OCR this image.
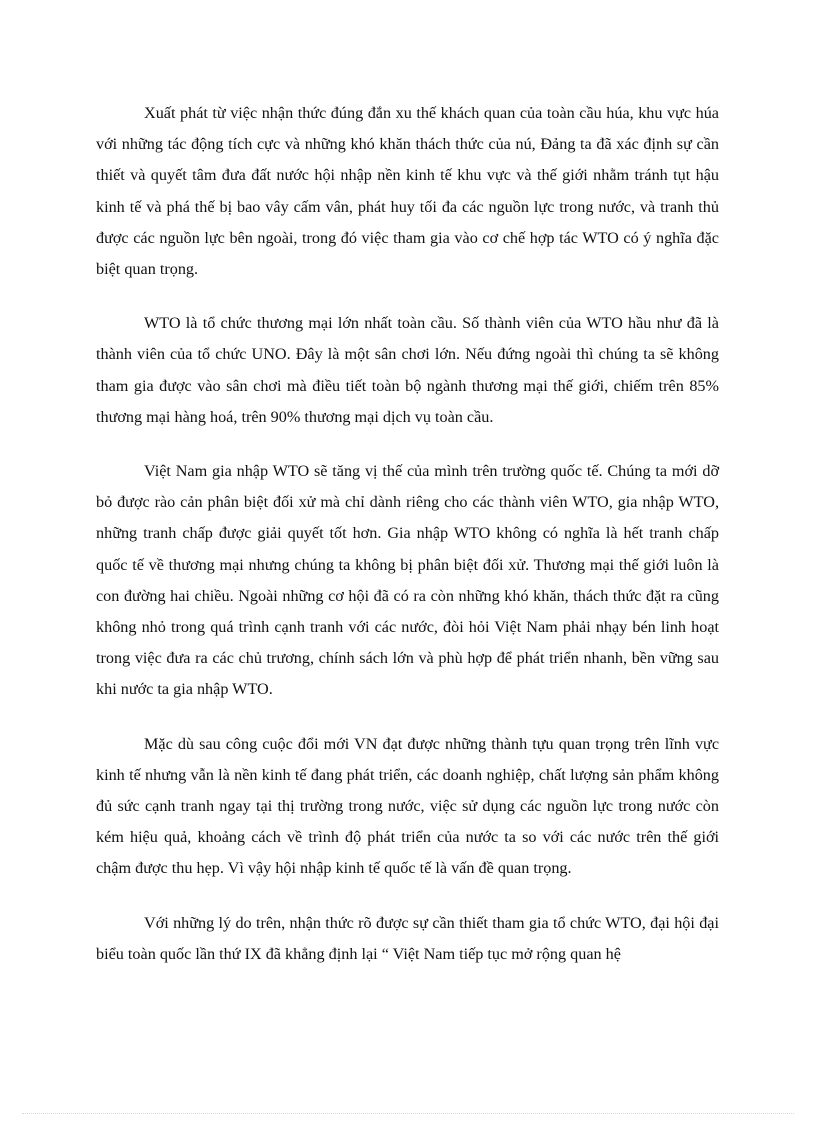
Xuất phát từ việc nhận thức đúng đắn xu thế khách quan của toàn cầu húa, khu vực húa với những tác động tích cực và những khó khăn thách thức của nú, Đảng ta đã xác định sự cần thiết và quyết tâm đưa đất nước hội nhập nền kinh tế khu vực và thế giới nhằm tránh tụt hậu kinh tế và phá thế bị bao vây cấm vân, phát huy tối đa các nguồn lực trong nước, và tranh thủ được các nguồn lực bên ngoài, trong đó việc tham gia vào cơ chế hợp tác WTO có ý nghĩa đặc biệt quan trọng.

WTO là tổ chức thương mại lớn nhất toàn cầu. Số thành viên của WTO hầu như đã là thành viên của tổ chức UNO. Đây là một sân chơi lớn. Nếu đứng ngoài thì chúng ta sẽ không tham gia được vào sân chơi mà điều tiết toàn bộ ngành thương mại thế giới, chiếm trên 85% thương mại hàng hoá, trên 90% thương mại dịch vụ toàn cầu.

Việt Nam gia nhập WTO sẽ tăng vị thế của mình trên trường quốc tế. Chúng ta mới dỡ bỏ được rào cản phân biệt đối xử mà chỉ dành riêng cho các thành viên WTO, gia nhập WTO, những tranh chấp được giải quyết tốt hơn. Gia nhập WTO không có nghĩa là hết tranh chấp quốc tế về thương mại nhưng chúng ta không bị phân biệt đối xử. Thương mại thế giới luôn là con đường hai chiều. Ngoài những cơ hội đã có ra còn những khó khăn, thách thức đặt ra cũng không nhỏ trong quá trình cạnh tranh với các nước, đòi hỏi Việt Nam phải nhạy bén linh hoạt trong việc đưa ra các chủ trương, chính sách lớn và phù hợp để phát triển nhanh, bền vững sau khi nước ta gia nhập WTO.

Mặc dù sau công cuộc đổi mới VN đạt được những thành tựu quan trọng trên lĩnh vực kinh tế nhưng vẫn là nền kinh tế đang phát triển, các doanh nghiệp, chất lượng sản phẩm không đủ sức cạnh tranh ngay tại thị trường trong nước, việc sử dụng các nguồn lực trong nước còn kém hiệu quả, khoảng cách về trình độ phát triển của nước ta so với các nước trên thế giới chậm được thu hẹp. Vì vậy hội nhập kinh tế quốc tế là vấn đề quan trọng.

Với những lý do trên, nhận thức rõ được sự cần thiết tham gia tổ chức WTO, đại hội đại biểu toàn quốc lần thứ IX đã khẳng định lại “ Việt Nam tiếp tục mở rộng quan hệ
